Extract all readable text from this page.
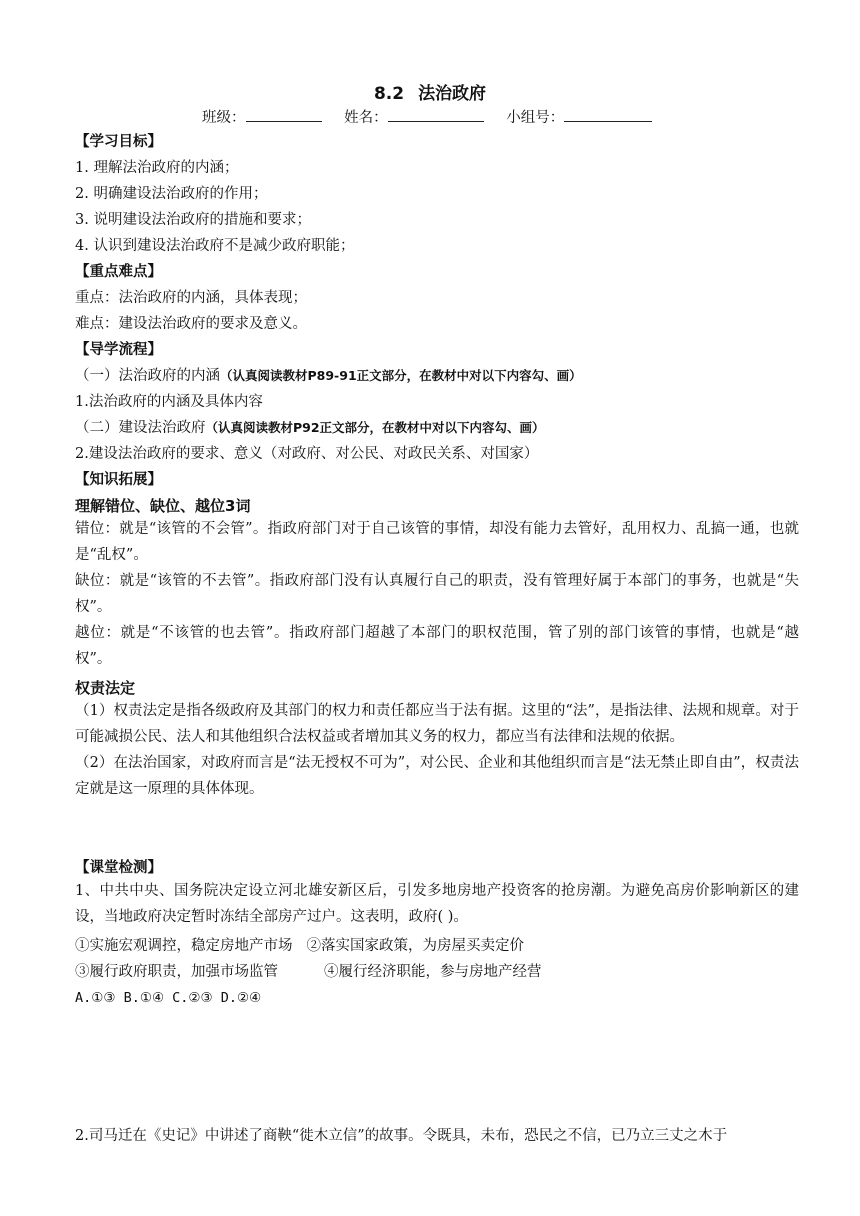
8.2 法治政府
班级：	姓名：	小组号：
【学习目标】
1. 理解法治政府的内涵；
2. 明确建设法治政府的作用；
3. 说明建设法治政府的措施和要求；
4. 认识到建设法治政府不是减少政府职能；
【重点难点】
重点：法治政府的内涵，具体表现；
难点：建设法治政府的要求及意义。
【导学流程】
（一）法治政府的内涵（认真阅读教材P89-91正文部分，在教材中对以下内容勾、画）
1.法治政府的内涵及具体内容
（二）建设法治政府（认真阅读教材P92正文部分，在教材中对以下内容勾、画）
2.建设法治政府的要求、意义（对政府、对公民、对政民关系、对国家）
【知识拓展】
理解错位、缺位、越位3词
错位：就是“该管的不会管”。指政府部门对于自己该管的事情，却没有能力去管好，乱用权力、乱搞一通，也就是“乱权”。
缺位：就是“该管的不去管”。指政府部门没有认真履行自己的职责，没有管理好属于本部门的事务，也就是“失权”。
越位：就是“不该管的也去管”。指政府部门超越了本部门的职权范围，管了别的部门该管的事情，也就是“越权”。
权责法定
（1）权责法定是指各级政府及其部门的权力和责任都应当于法有据。这里的“法”，是指法律、法规和规章。对于可能减损公民、法人和其他组织合法权益或者增加其义务的权力，都应当有法律和法规的依据。
（2）在法治国家，对政府而言是“法无授权不可为”，对公民、企业和其他组织而言是“法无禁止即自由”，权责法定就是这一原理的具体体现。
【课堂检测】
1、中共中央、国务院决定设立河北雄安新区后，引发多地房地产投资客的抢房潮。为避免高房价影响新区的建设，当地政府决定暂时冻结全部房产过户。这表明，政府( )。
①实施宏观调控，稳定房地产市场 ②落实国家政策，为房屋买卖定价
③履行政府职责，加强市场监管	④履行经济职能，参与房地产经营
A.①③ B.①④ C.②③ D.②④
2.司马迁在《史记》中讲述了商鞅“徙木立信”的故事。令既具，未布，恐民之不信，已乃立三丈之木于
